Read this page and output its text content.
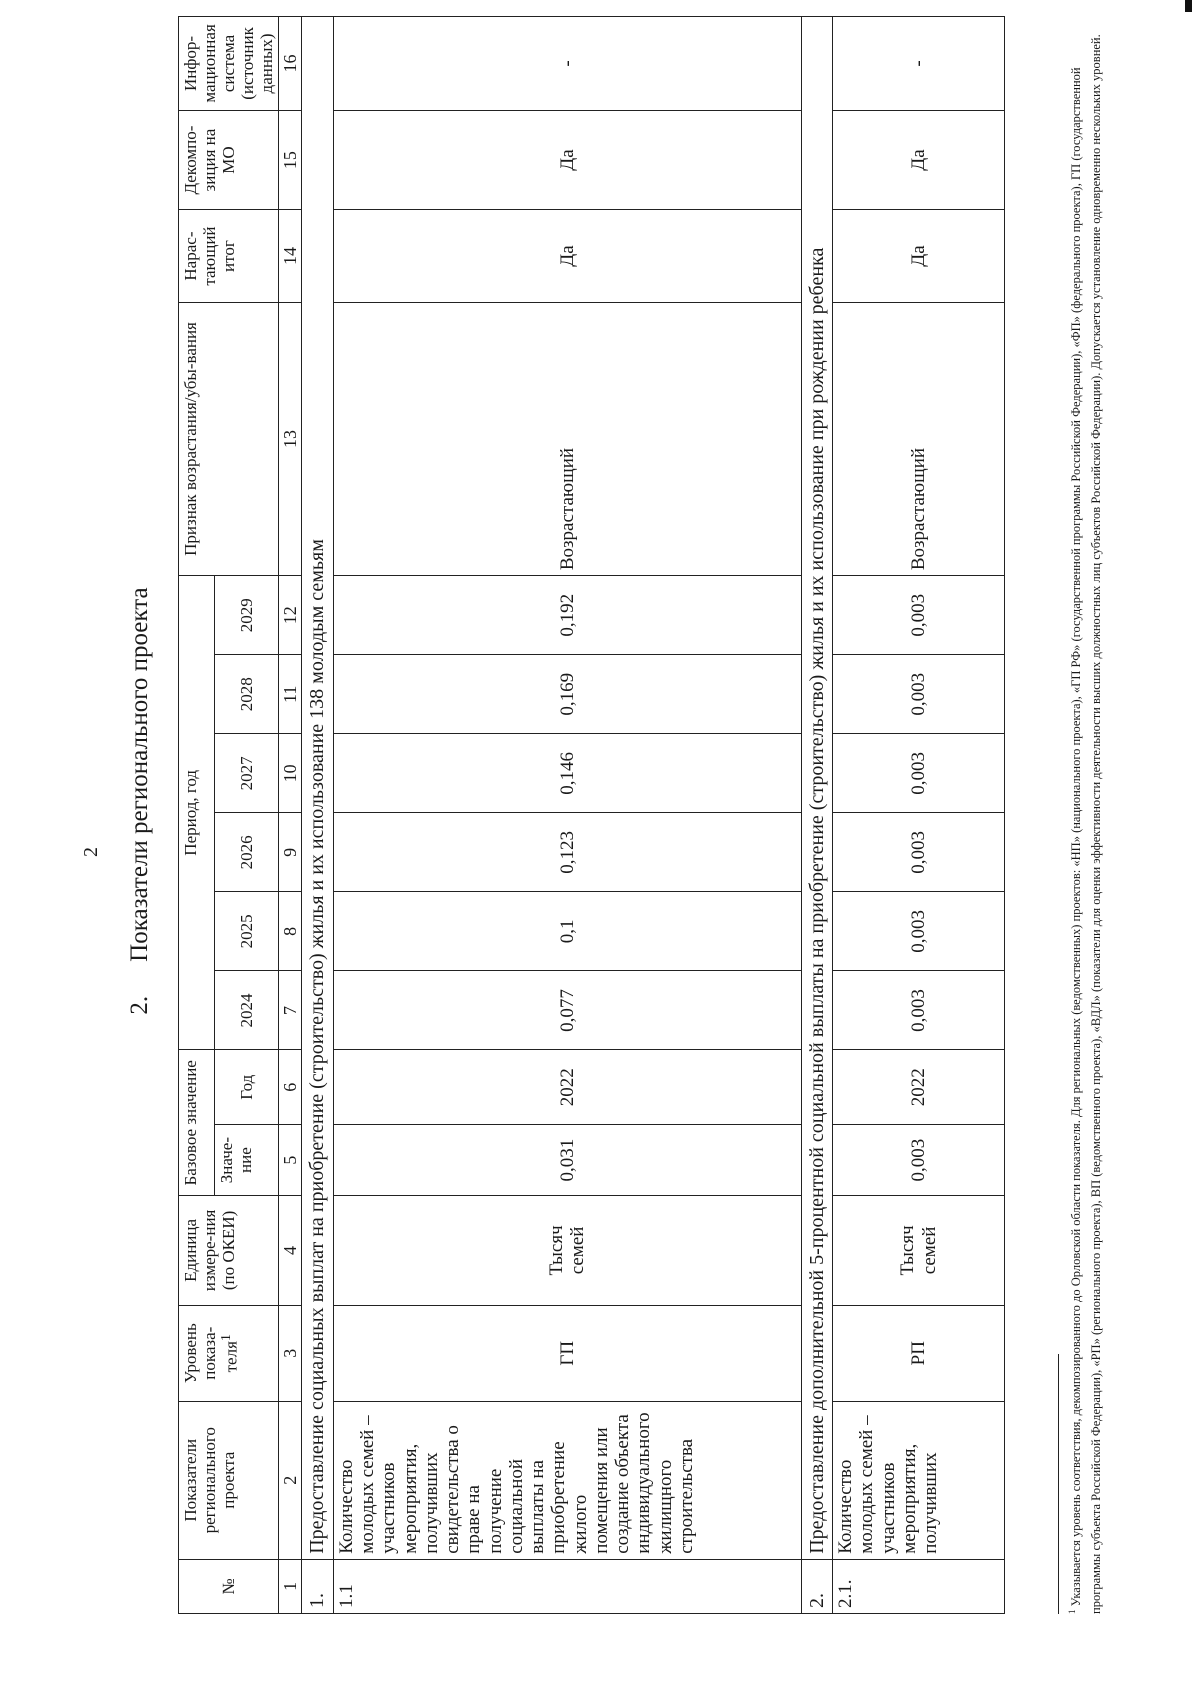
2
2.Показатели регионального проекта
№	Показатели регионального проекта	Уровень показа-теля$^1$	Единица измере-ния (по ОКЕИ)	Базовое значение		Период, год						Признак возрастания/убы-вания	Нарас-тающий итог	Декомпо-зиция на МО	Инфор-мационная система (источник данных)
				Значе-ние	Год	2024	2025	2026	2027	2028	2029				
1	2	3	4	5	6	7	8	9	10	11	12	13	14	15	16
1.	Предоставление социальных выплат на приобретение (строительство) жилья и их использование 138 молодым семьям														
1.1	Количество молодых семей – участников мероприятия, получивших свидетельства о праве на получение социальной выплаты на приобретение жилого помещения или создание объекта индивидуального жилищного строительства	ГП	Тысяч семей	0,031	2022	0,077	0,1	0,123	0,146	0,169	0,192	Возрастающий	Да	Да	-
2.	Предоставление дополнительной 5-процентной социальной выплаты на приобретение (строительство) жилья и их использование при рождении ребенка														
2.1.	Количество молодых семей – участников мероприятия, получивших	РП	Тысяч семей	0,003	2022	0,003	0,003	0,003	0,003	0,003	0,003	Возрастающий	Да	Да	-
$^1$ Указывается уровень соответствия, декомпозированного до Орловской области показателя. Для региональных (ведомственных) проектов: «НП» (национального проекта), «ГП РФ» (государственной программы Российской Федерации), «ФП» (федерального проекта), ГП (государственной программы субъекта Российской Федерации), «РП» (регионального проекта), ВП (ведомственного проекта), «ВДЛ» (показатели для оценки эффективности деятельности высших должностных лиц субъектов Российской Федерации). Допускается установление одновременно нескольких уровней.
